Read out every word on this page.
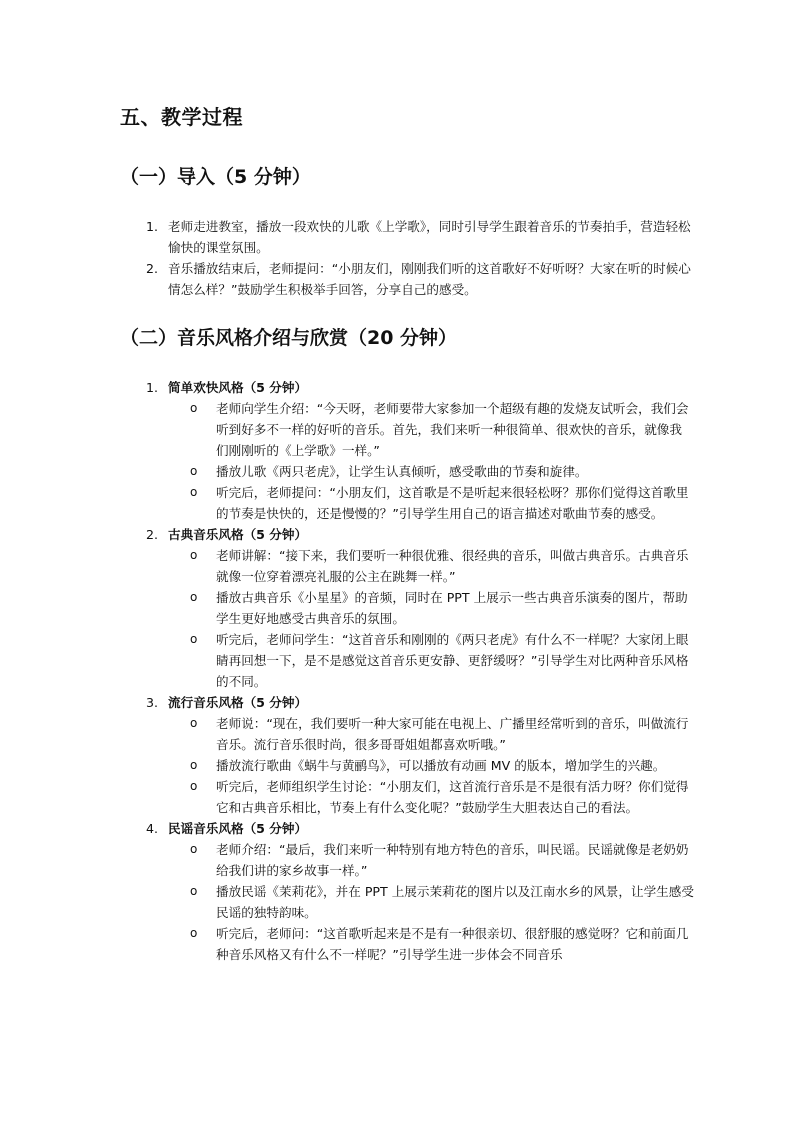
五、教学过程
（一）导入（5 分钟）
1. 老师走进教室，播放一段欢快的儿歌《上学歌》，同时引导学生跟着音乐的节奏拍手，营造轻松愉快的课堂氛围。
2. 音乐播放结束后，老师提问：“小朋友们，刚刚我们听的这首歌好不好听呀？大家在听的时候心情怎么样？”鼓励学生积极举手回答，分享自己的感受。
（二）音乐风格介绍与欣赏（20 分钟）
1. 简单欢快风格（5 分钟）
o 老师向学生介绍：“今天呀，老师要带大家参加一个超级有趣的发烧友试听会，我们会听到好多不一样的好听的音乐。首先，我们来听一种很简单、很欢快的音乐，就像我们刚刚听的《上学歌》一样。”
o 播放儿歌《两只老虎》，让学生认真倾听，感受歌曲的节奏和旋律。
o 听完后，老师提问：“小朋友们，这首歌是不是听起来很轻松呀？那你们觉得这首歌里的节奏是快快的，还是慢慢的？”引导学生用自己的语言描述对歌曲节奏的感受。
2. 古典音乐风格（5 分钟）
o 老师讲解：“接下来，我们要听一种很优雅、很经典的音乐，叫做古典音乐。古典音乐就像一位穿着漂亮礼服的公主在跳舞一样。”
o 播放古典音乐《小星星》的音频，同时在 PPT 上展示一些古典音乐演奏的图片，帮助学生更好地感受古典音乐的氛围。
o 听完后，老师问学生：“这首音乐和刚刚的《两只老虎》有什么不一样呢？大家闭上眼睛再回想一下，是不是感觉这首音乐更安静、更舒缓呀？”引导学生对比两种音乐风格的不同。
3. 流行音乐风格（5 分钟）
o 老师说：“现在，我们要听一种大家可能在电视上、广播里经常听到的音乐，叫做流行音乐。流行音乐很时尚，很多哥哥姐姐都喜欢听哦。”
o 播放流行歌曲《蜗牛与黄鹂鸟》，可以播放有动画 MV 的版本，增加学生的兴趣。
o 听完后，老师组织学生讨论：“小朋友们，这首流行音乐是不是很有活力呀？你们觉得它和古典音乐相比，节奏上有什么变化呢？”鼓励学生大胆表达自己的看法。
4. 民谣音乐风格（5 分钟）
o 老师介绍：“最后，我们来听一种特别有地方特色的音乐，叫民谣。民谣就像是老奶奶给我们讲的家乡故事一样。”
o 播放民谣《茉莉花》，并在 PPT 上展示茉莉花的图片以及江南水乡的风景，让学生感受民谣的独特韵味。
o 听完后，老师问：“这首歌听起来是不是有一种很亲切、很舒服的感觉呀？它和前面几种音乐风格又有什么不一样呢？”引导学生进一步体会不同音乐
